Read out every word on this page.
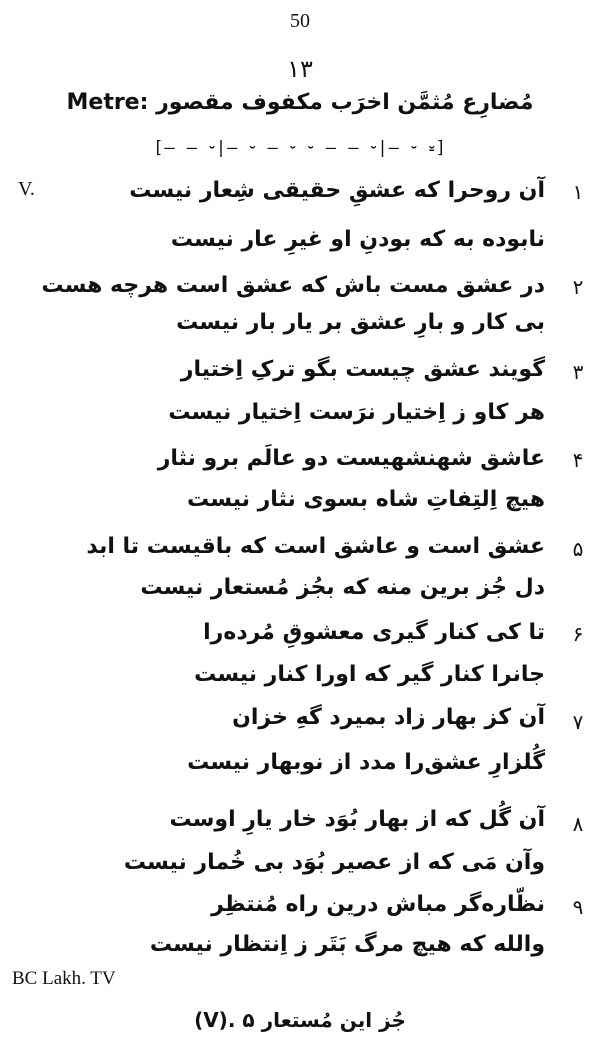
50
۱۳
مُضارِع مُثمَّن اخرَب مکفوف مقصور :Metre
[‒ ‒ ⏑|‒ ⏑ ‒ ⏑ ⏑ ‒ ‒ ⏑|‒ ⏑ ⏓]
V.	۱
آن روحرا که عشقِ حقیقی شِعار نیست
نابوده به که بودنِ او غیرِ عار نیست
۲
در عشق مست باش که عشق است هرچه هست
بی کار و بارِ عشق بر یار بار نیست
۳
گویند عشق چیست بگو ترکِ اِختیار
هر کاو ز اِختیار نرَست اِختیار نیست
۴
عاشق شهنشهیست دو عالَم برو نثار
هیچ اِلتِفاتِ شاه بسوی نثار نیست
۵
عشق است و عاشق است که باقیست تا ابد
دل جُز برین منه که بجُز مُستعار نیست
۶
تا کی کنار گیری معشوقِ مُرده‌را
جانرا کنار گیر که اورا کنار نیست
۷
آن کز بهار زاد بمیرد گهِ خزان
گُلزارِ عشق‌را مدد از نوبهار نیست
۸
آن گُل که از بهار بُوَد خار یارِ اوست
وآن مَی که از عصیر بُوَد بی خُمار نیست
۹
نظّاره‌گر مباش درین راه مُنتظِر
والله که هیچ مرگ بَتَر ز اِنتظار نیست
BC Lakh. TV
(V). جُز این مُستعار ۵
